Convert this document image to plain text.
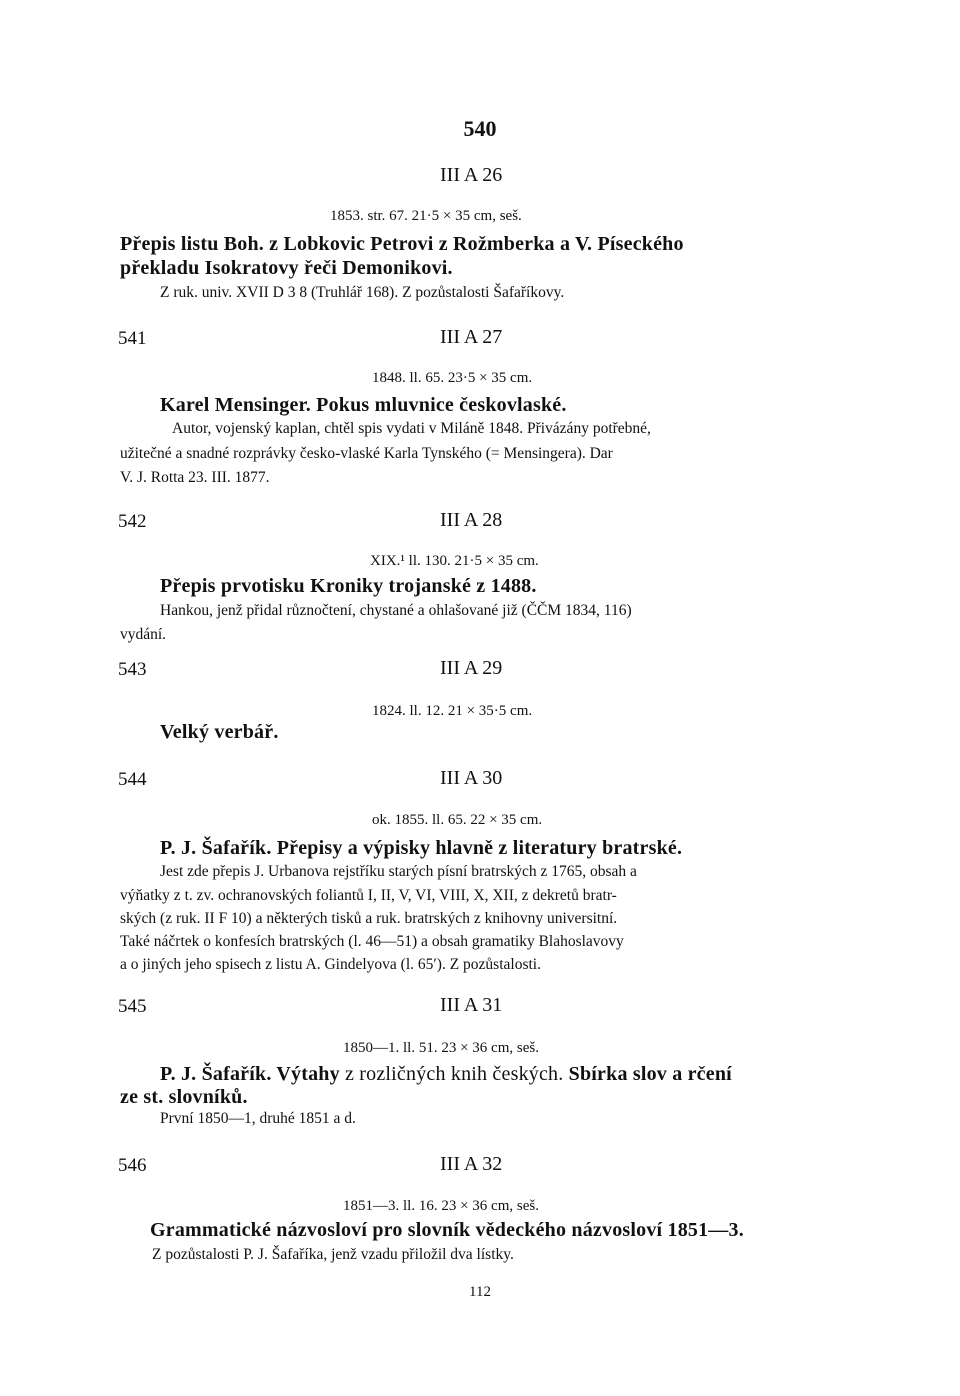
540
III A 26
1853. str. 67. 21·5 × 35 cm, seš.
Přepis listu Boh. z Lobkovic Petrovi z Rožmberka a V. Píseckého
překladu Isokratovy řeči Demonikovi.
Z ruk. univ. XVII D 3 8 (Truhlář 168). Z pozůstalosti Šafaříkovy.
541	III A 27
1848. ll. 65. 23·5 × 35 cm.
Karel Mensinger. Pokus mluvnice českovlaské.
Autor, vojenský kaplan, chtěl spis vydati v Miláně 1848. Přivázány potřebné,
užitečné a snadné rozprávky česko-vlaské Karla Tynského (= Mensingera). Dar
V. J. Rotta 23. III. 1877.
542	III A 28
XIX.¹ ll. 130. 21·5 × 35 cm.
Přepis prvotisku Kroniky trojanské z 1488.
Hankou, jenž přidal různočtení, chystané a ohlašované již (ČČM 1834, 116)
vydání.
543	III A 29
1824. ll. 12. 21 × 35·5 cm.
Velký verbář.
544	III A 30
ok. 1855. ll. 65. 22 × 35 cm.
P. J. Šafařík. Přepisy a výpisky hlavně z literatury bratrské.
Jest zde přepis J. Urbanova rejstříku starých písní bratrských z 1765, obsah a
výňatky z t. zv. ochranovských foliantů I, II, V, VI, VIII, X, XII, z dekretů bratr-
ských (z ruk. II F 10) a některých tisků a ruk. bratrských z knihovny universitní.
Také náčrtek o konfesích bratrských (l. 46—51) a obsah gramatiky Blahoslavovy
a o jiných jeho spisech z listu A. Gindelyova (l. 65′). Z pozůstalosti.
545	III A 31
1850—1. ll. 51. 23 × 36 cm, seš.
P. J. Šafařík. Výtahy z rozličných knih českých. Sbírka slov a rčení
ze st. slovníků.
První 1850—1, druhé 1851 a d.
546	III A 32
1851—3. ll. 16. 23 × 36 cm, seš.
Grammatické názvosloví pro slovník vědeckého názvosloví 1851—3.
Z pozůstalosti P. J. Šafaříka, jenž vzadu přiložil dva lístky.
112
